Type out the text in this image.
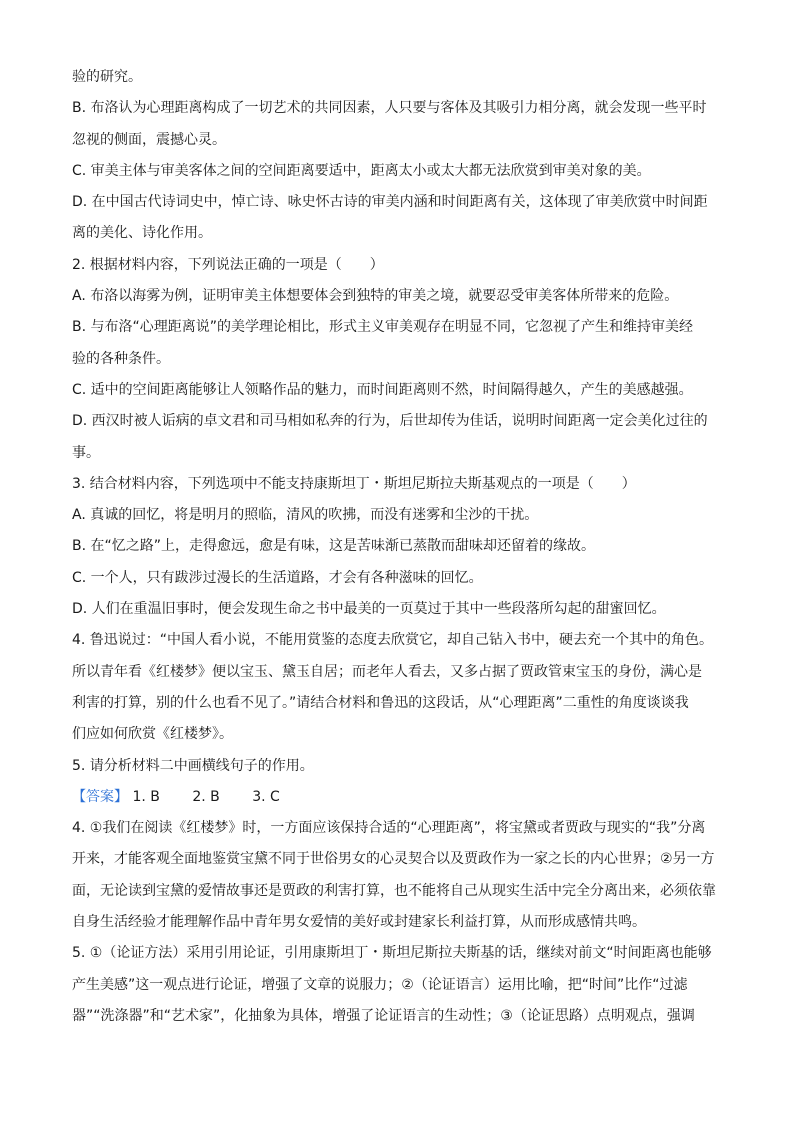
验的研究。
B. 布洛认为心理距离构成了一切艺术的共同因素，人只要与客体及其吸引力相分离，就会发现一些平时
忽视的侧面，震撼心灵。
C. 审美主体与审美客体之间的空间距离要适中，距离太小或太大都无法欣赏到审美对象的美。
D. 在中国古代诗词史中，悼亡诗、咏史怀古诗的审美内涵和时间距离有关，这体现了审美欣赏中时间距
离的美化、诗化作用。
2. 根据材料内容，下列说法正确的一项是（　　）
A. 布洛以海雾为例，证明审美主体想要体会到独特的审美之境，就要忍受审美客体所带来的危险。
B. 与布洛“心理距离说”的美学理论相比，形式主义审美观存在明显不同，它忽视了产生和维持审美经
验的各种条件。
C. 适中的空间距离能够让人领略作品的魅力，而时间距离则不然，时间隔得越久，产生的美感越强。
D. 西汉时被人诟病的卓文君和司马相如私奔的行为，后世却传为佳话，说明时间距离一定会美化过往的
事。
3. 结合材料内容，下列选项中不能支持康斯坦丁・斯坦尼斯拉夫斯基观点的一项是（　　）
A. 真诚的回忆，将是明月的照临，清风的吹拂，而没有迷雾和尘沙的干扰。
B. 在“忆之路”上，走得愈远，愈是有味，这是苦味渐已蒸散而甜味却还留着的缘故。
C. 一个人，只有跋涉过漫长的生活道路，才会有各种滋味的回忆。
D. 人们在重温旧事时，便会发现生命之书中最美的一页莫过于其中一些段落所勾起的甜蜜回忆。
4. 鲁迅说过：“中国人看小说，不能用赏鉴的态度去欣赏它，却自己钻入书中，硬去充一个其中的角色。
所以青年看《红楼梦》便以宝玉、黛玉自居；而老年人看去，又多占据了贾政管束宝玉的身份，满心是
利害的打算，别的什么也看不见了。”请结合材料和鲁迅的这段话，从“心理距离”二重性的角度谈谈我
们应如何欣赏《红楼梦》。
5. 请分析材料二中画横线句子的作用。
【答案】 1. B 2. B 3. C
4. ①我们在阅读《红楼梦》时，一方面应该保持合适的“心理距离”，将宝黛或者贾政与现实的“我”分离
开来，才能客观全面地鉴赏宝黛不同于世俗男女的心灵契合以及贾政作为一家之长的内心世界；②另一方
面，无论读到宝黛的爱情故事还是贾政的利害打算，也不能将自己从现实生活中完全分离出来，必须依靠
自身生活经验才能理解作品中青年男女爱情的美好或封建家长利益打算，从而形成感情共鸣。
5. ①（论证方法）采用引用论证，引用康斯坦丁・斯坦尼斯拉夫斯基的话，继续对前文“时间距离也能够
产生美感”这一观点进行论证，增强了文章的说服力；②（论证语言）运用比喻，把“时间”比作“过滤
器”“洗涤器”和“艺术家”，化抽象为具体，增强了论证语言的生动性；③（论证思路）点明观点，强调
